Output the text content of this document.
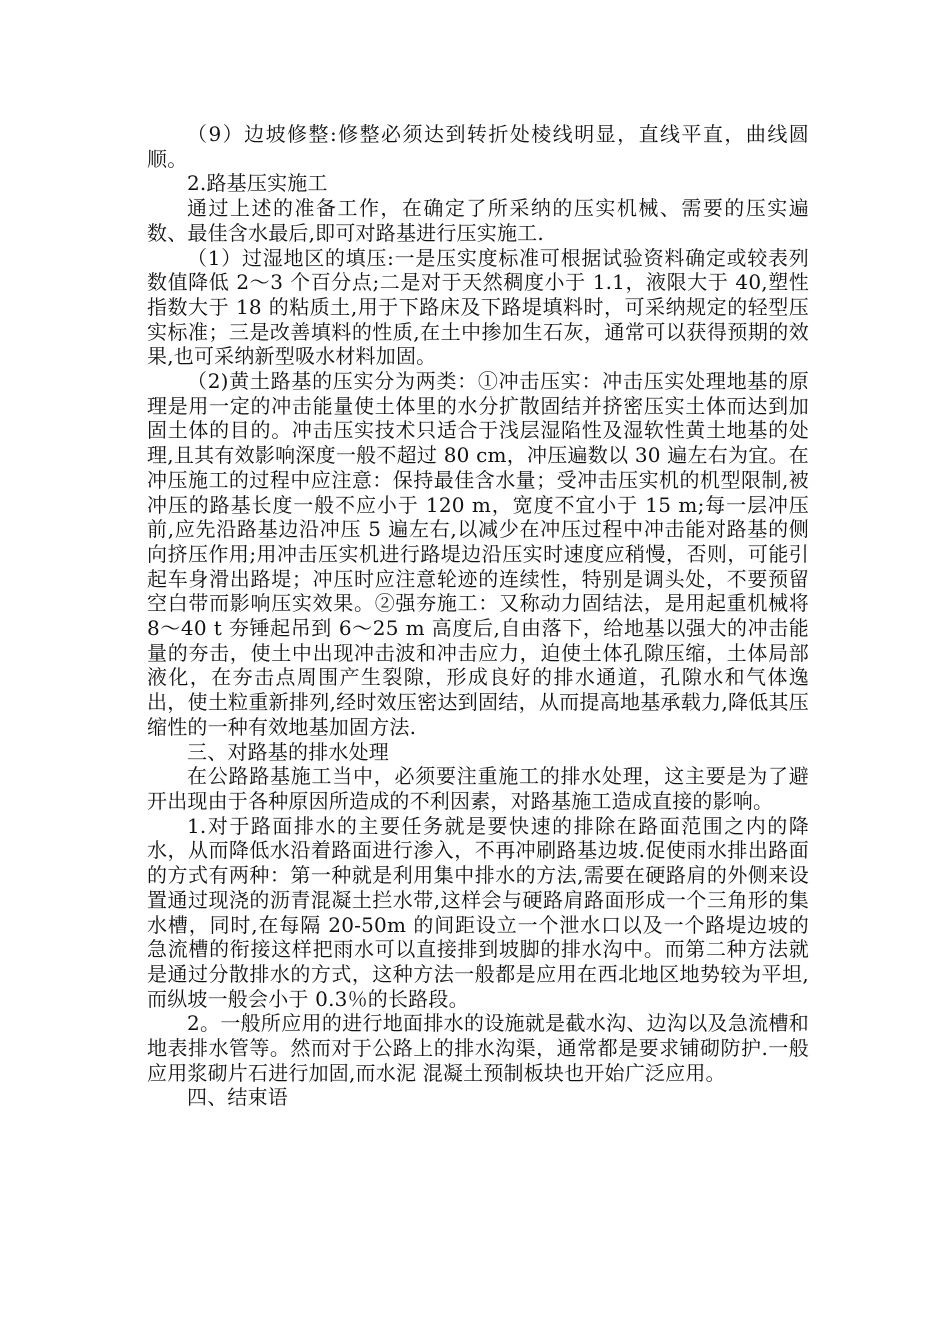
（9）边坡修整:修整必须达到转折处棱线明显，直线平直，曲线圆顺。

2.路基压实施工

通过上述的准备工作，在确定了所采纳的压实机械、需要的压实遍数、最佳含水最后,即可对路基进行压实施工.

（1）过湿地区的填压:一是压实度标准可根据试验资料确定或较表列数值降低 2～3 个百分点;二是对于天然稠度小于 1.1，液限大于 40,塑性指数大于 18 的粘质土,用于下路床及下路堤填料时，可采纳规定的轻型压实标准；三是改善填料的性质,在土中掺加生石灰，通常可以获得预期的效果,也可采纳新型吸水材料加固。

（2)黄土路基的压实分为两类：①冲击压实：冲击压实处理地基的原理是用一定的冲击能量使土体里的水分扩散固结并挤密压实土体而达到加固土体的目的。冲击压实技术只适合于浅层湿陷性及湿软性黄土地基的处理,且其有效影响深度一般不超过 80 cm，冲压遍数以 30 遍左右为宜。在冲压施工的过程中应注意：保持最佳含水量；受冲击压实机的机型限制,被冲压的路基长度一般不应小于 120 m，宽度不宜小于 15 m;每一层冲压前,应先沿路基边沿冲压 5 遍左右,以减少在冲压过程中冲击能对路基的侧向挤压作用;用冲击压实机进行路堤边沿压实时速度应稍慢，否则，可能引起车身滑出路堤；冲压时应注意轮迹的连续性，特别是调头处，不要预留空白带而影响压实效果。②强夯施工：又称动力固结法，是用起重机械将 8～40 t 夯锤起吊到 6～25 m 高度后,自由落下，给地基以强大的冲击能量的夯击，使土中出现冲击波和冲击应力，迫使土体孔隙压缩，土体局部液化，在夯击点周围产生裂隙，形成良好的排水通道，孔隙水和气体逸出，使土粒重新排列,经时效压密达到固结，从而提高地基承载力,降低其压缩性的一种有效地基加固方法.

三、对路基的排水处理

在公路路基施工当中，必须要注重施工的排水处理，这主要是为了避开出现由于各种原因所造成的不利因素，对路基施工造成直接的影响。

1.对于路面排水的主要任务就是要快速的排除在路面范围之内的降水，从而降低水沿着路面进行渗入，不再冲刷路基边坡.促使雨水排出路面的方式有两种：第一种就是利用集中排水的方法,需要在硬路肩的外侧来设置通过现浇的沥青混凝土拦水带,这样会与硬路肩路面形成一个三角形的集水槽，同时,在每隔 20-50m 的间距设立一个泄水口以及一个路堤边坡的急流槽的衔接这样把雨水可以直接排到坡脚的排水沟中。而第二种方法就是通过分散排水的方式，这种方法一般都是应用在西北地区地势较为平坦,而纵坡一般会小于 0.3％的长路段。

2。一般所应用的进行地面排水的设施就是截水沟、边沟以及急流槽和地表排水管等。然而对于公路上的排水沟渠，通常都是要求铺砌防护.一般应用浆砌片石进行加固,而水泥 混凝土预制板块也开始广泛应用。

四、结束语
